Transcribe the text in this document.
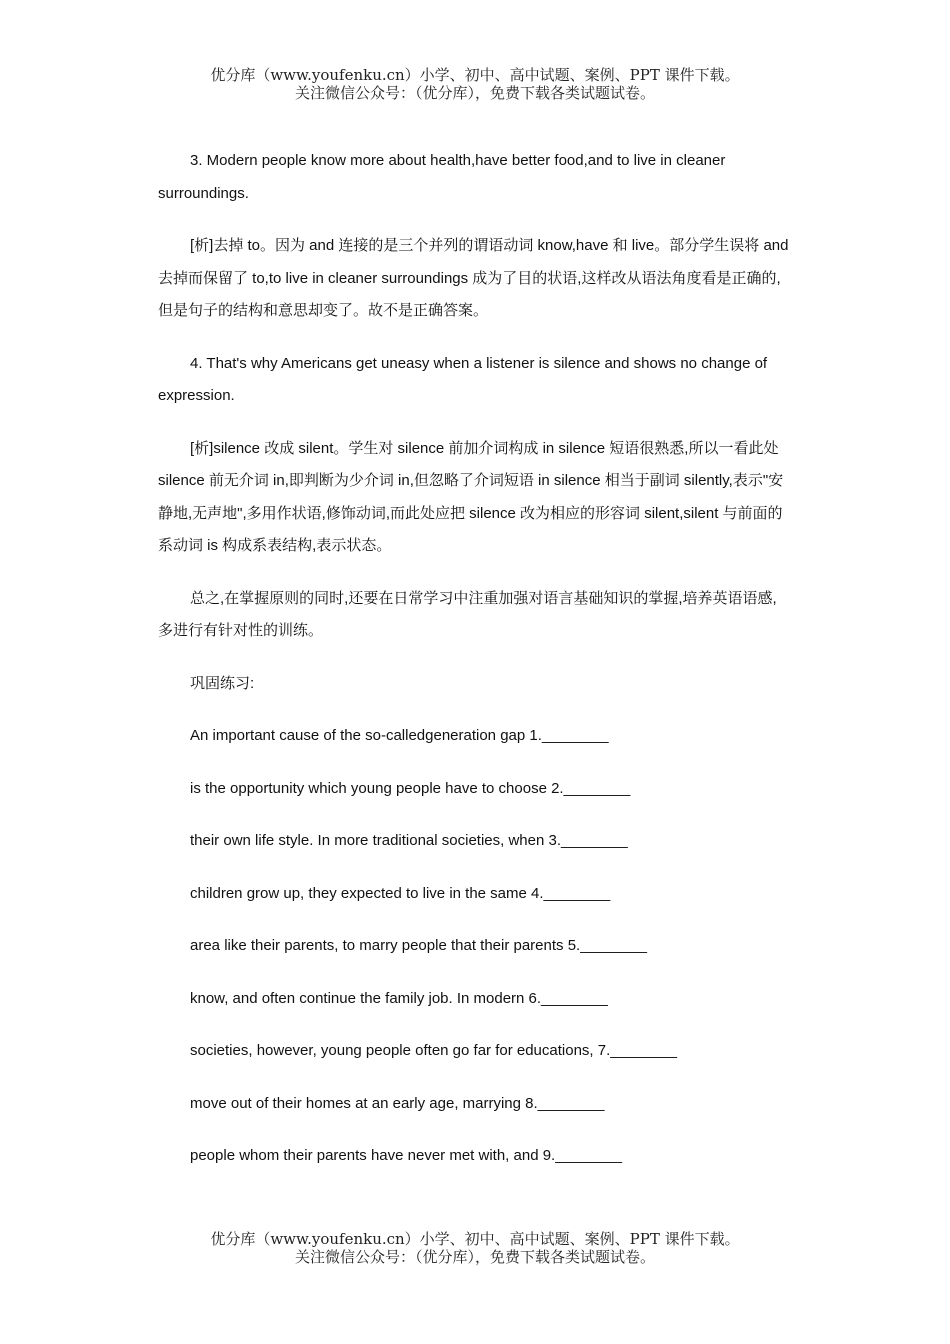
优分库（www.youfenku.cn）小学、初中、高中试题、案例、PPT 课件下载。
关注微信公众号：（优分库），免费下载各类试题试卷。

3. Modern people know more about health,have better food,and to live in cleaner surroundings.

[析]去掉 to。因为 and 连接的是三个并列的谓语动词 know,have 和 live。部分学生误将 and 去掉而保留了 to,to live in cleaner surroundings 成为了目的状语,这样改从语法角度看是正确的,但是句子的结构和意思却变了。故不是正确答案。

4. That's why Americans get uneasy when a listener is silence and shows no change of expression.

[析]silence 改成 silent。学生对 silence 前加介词构成 in silence 短语很熟悉,所以一看此处 silence 前无介词 in,即判断为少介词 in,但忽略了介词短语 in silence 相当于副词 silently,表示"安静地,无声地",多用作状语,修饰动词,而此处应把 silence 改为相应的形容词 silent,silent 与前面的系动词 is 构成系表结构,表示状态。

总之,在掌握原则的同时,还要在日常学习中注重加强对语言基础知识的掌握,培养英语语感,多进行有针对性的训练。

巩固练习:

An important cause of the so-calledgeneration gap 1.________

is the opportunity which young people have to choose 2.________

their own life style. In more traditional societies, when 3.________

children grow up, they expected to live in the same 4.________

area like their parents, to marry people that their parents 5.________

know, and often continue the family job. In modern 6.________

societies, however, young people often go far for educations, 7.________

move out of their homes at an early age, marrying 8.________

people whom their parents have never met with, and 9.________

优分库（www.youfenku.cn）小学、初中、高中试题、案例、PPT 课件下载。
关注微信公众号：（优分库），免费下载各类试题试卷。
